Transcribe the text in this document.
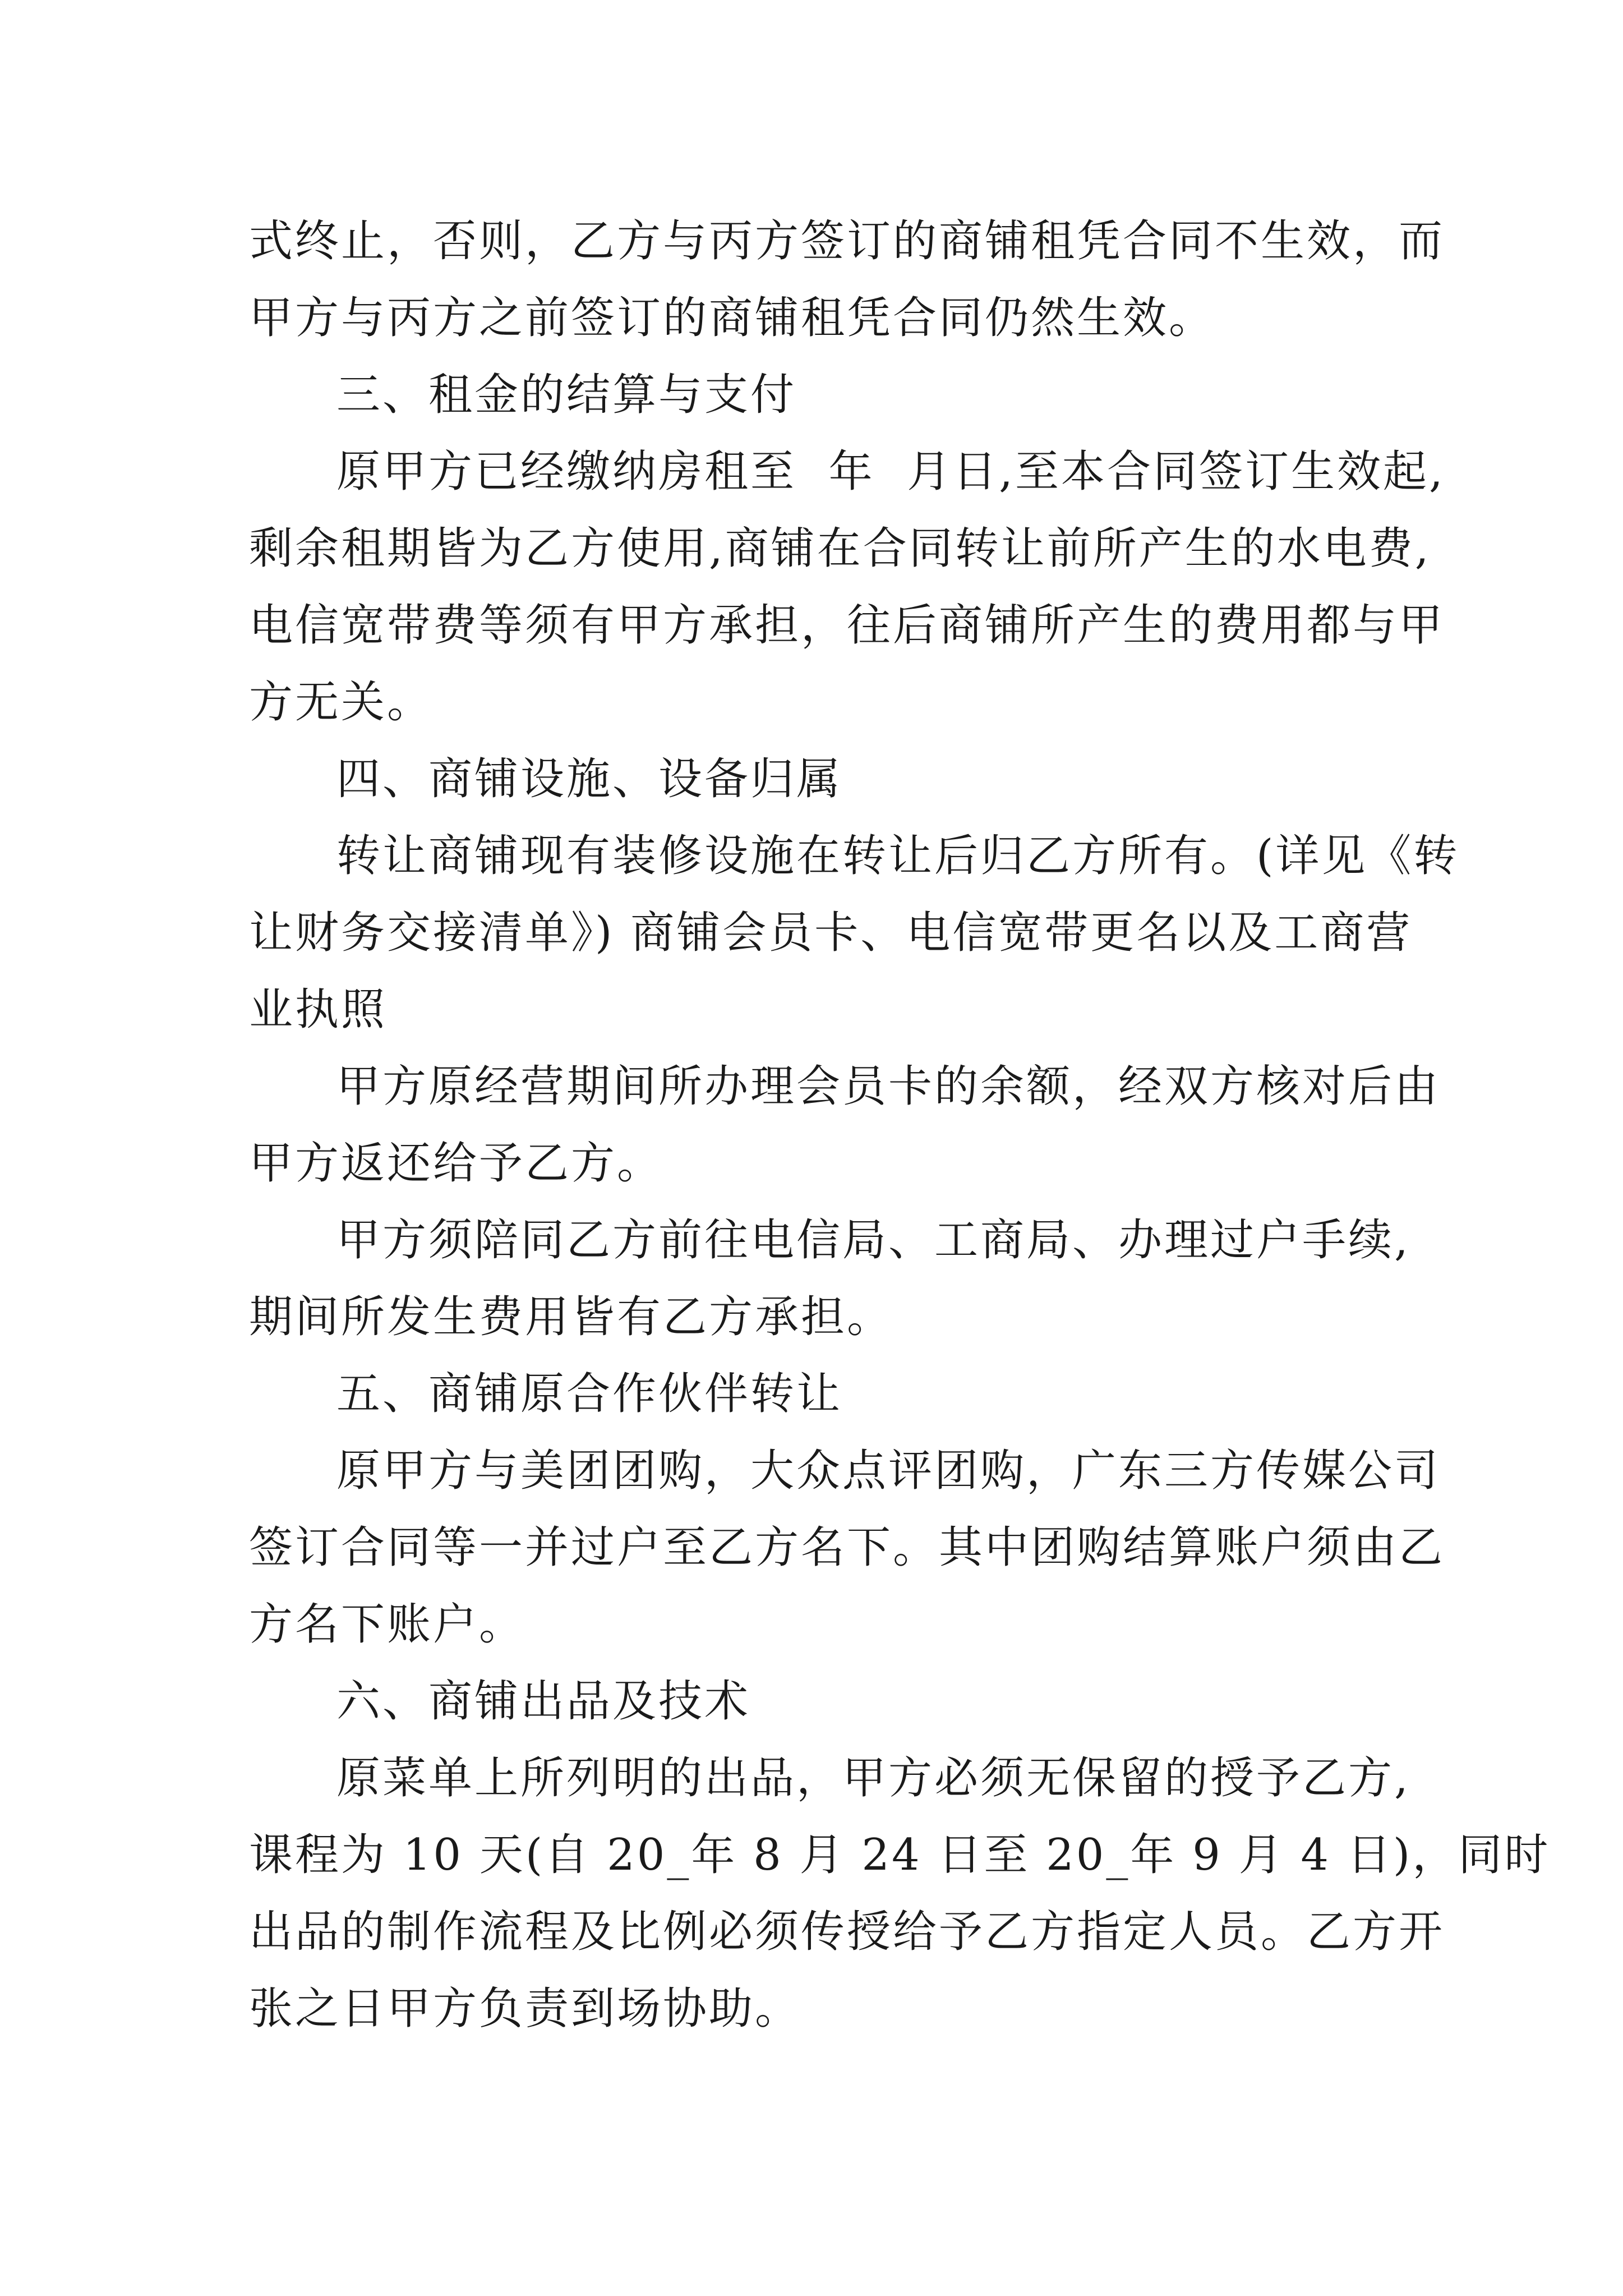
式终止，否则，乙方与丙方签订的商铺租凭合同不生效，而
甲方与丙方之前签订的商铺租凭合同仍然生效。
三、租金的结算与支付
原甲方已经缴纳房租至  年  月日,至本合同签订生效起,
剩余租期皆为乙方使用,商铺在合同转让前所产生的水电费,
电信宽带费等须有甲方承担，往后商铺所产生的费用都与甲
方无关。
四、商铺设施、设备归属
转让商铺现有装修设施在转让后归乙方所有。(详见《转
让财务交接清单》) 商铺会员卡、电信宽带更名以及工商营
业执照
甲方原经营期间所办理会员卡的余额，经双方核对后由
甲方返还给予乙方。
甲方须陪同乙方前往电信局、工商局、办理过户手续,
期间所发生费用皆有乙方承担。
五、商铺原合作伙伴转让
原甲方与美团团购，大众点评团购，广东三方传媒公司
签订合同等一并过户至乙方名下。其中团购结算账户须由乙
方名下账户。
六、商铺出品及技术
原菜单上所列明的出品，甲方必须无保留的授予乙方,
课程为 10 天(自 20_年 8 月 24 日至 20_年 9 月 4 日)，同时
出品的制作流程及比例必须传授给予乙方指定人员。乙方开
张之日甲方负责到场协助。
